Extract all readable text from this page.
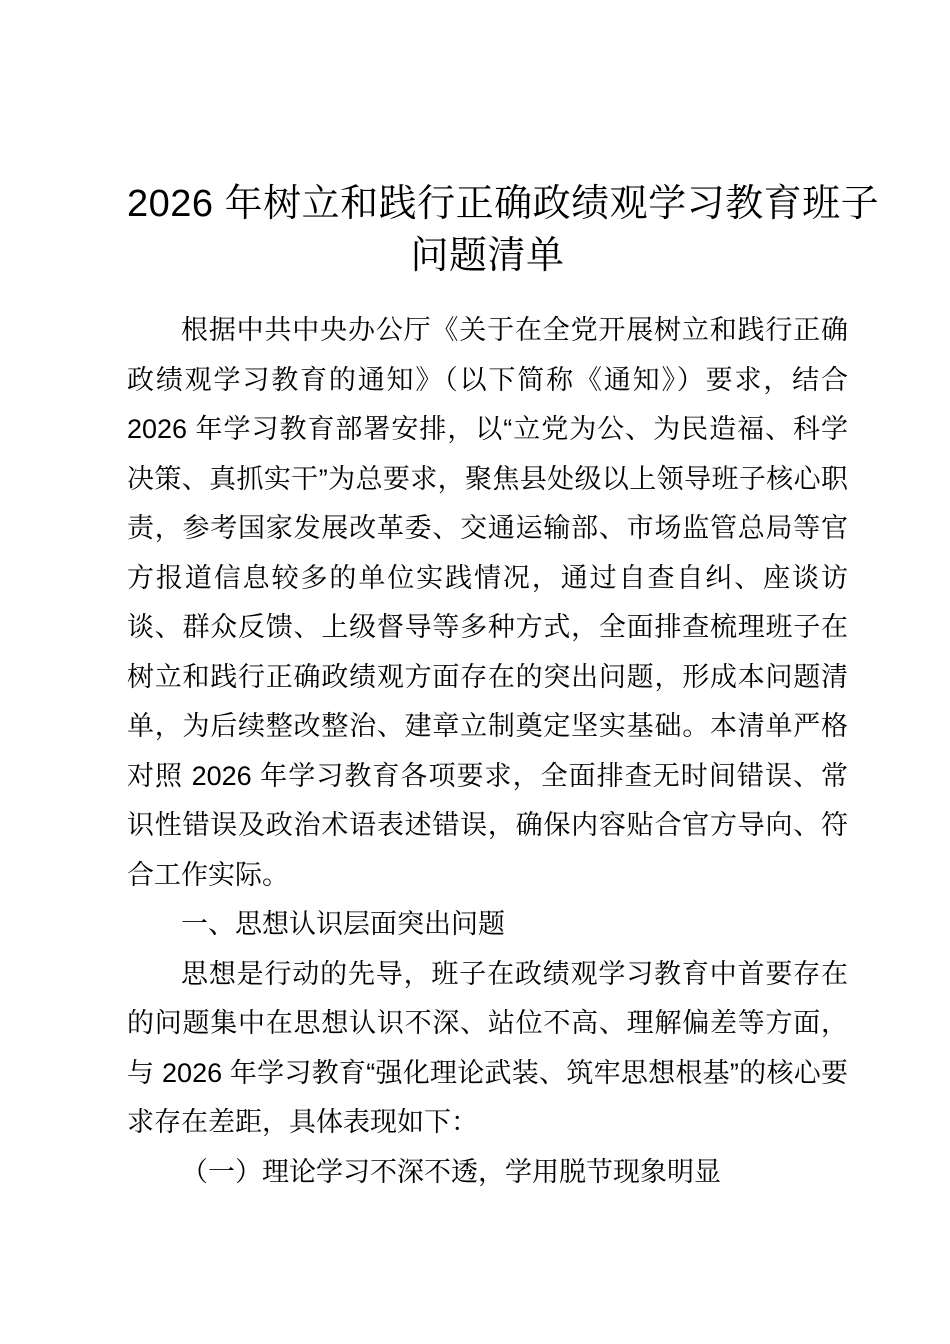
2026 年树立和践行正确政绩观学习教育班子
问题清单

根据中共中央办公厅《关于在全党开展树立和践行正确政绩观学习教育的通知》（以下简称《通知》）要求，结合 2026 年学习教育部署安排，以“立党为公、为民造福、科学决策、真抓实干”为总要求，聚焦县处级以上领导班子核心职责，参考国家发展改革委、交通运输部、市场监管总局等官方报道信息较多的单位实践情况，通过自查自纠、座谈访谈、群众反馈、上级督导等多种方式，全面排查梳理班子在树立和践行正确政绩观方面存在的突出问题，形成本问题清单，为后续整改整治、建章立制奠定坚实基础。本清单严格对照 2026 年学习教育各项要求，全面排查无时间错误、常识性错误及政治术语表述错误，确保内容贴合官方导向、符合工作实际。

一、思想认识层面突出问题

思想是行动的先导，班子在政绩观学习教育中首要存在的问题集中在思想认识不深、站位不高、理解偏差等方面，与 2026 年学习教育“强化理论武装、筑牢思想根基”的核心要求存在差距，具体表现如下：

（一）理论学习不深不透，学用脱节现象明显
